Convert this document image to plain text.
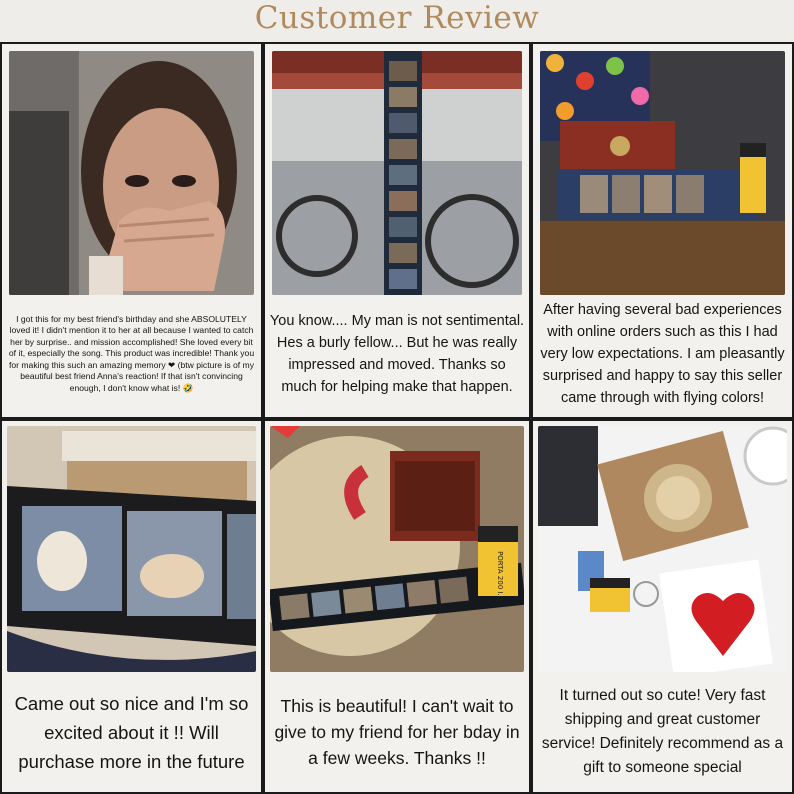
Customer Review
I got this for my best friend's birthday and she ABSOLUTELY loved it! I didn't mention it to her at all because I wanted to catch her by surprise.. and mission accomplished! She loved every bit of it, especially the song. This product was incredible! Thank you for making this such an amazing memory ❤ (btw picture is of my beautiful best friend Anna's reaction! If that isn't convincing enough, I don't know what is! 🤣
You know.... My man is not sentimental. Hes a burly fellow... But he was really impressed and moved. Thanks so much for helping make that happen.
After having several bad experiences with online orders such as this I had very low expectations. I am pleasantly surprised and happy to say this seller came through with flying colors!
Came out so nice and I'm so excited about it !! Will purchase more in the future
PORTA 200 I.U
This is beautiful! I can't wait to give to my friend for her bday in a few weeks. Thanks !!
It turned out so cute! Very fast shipping and great customer service! Definitely recommend as a gift to someone special
